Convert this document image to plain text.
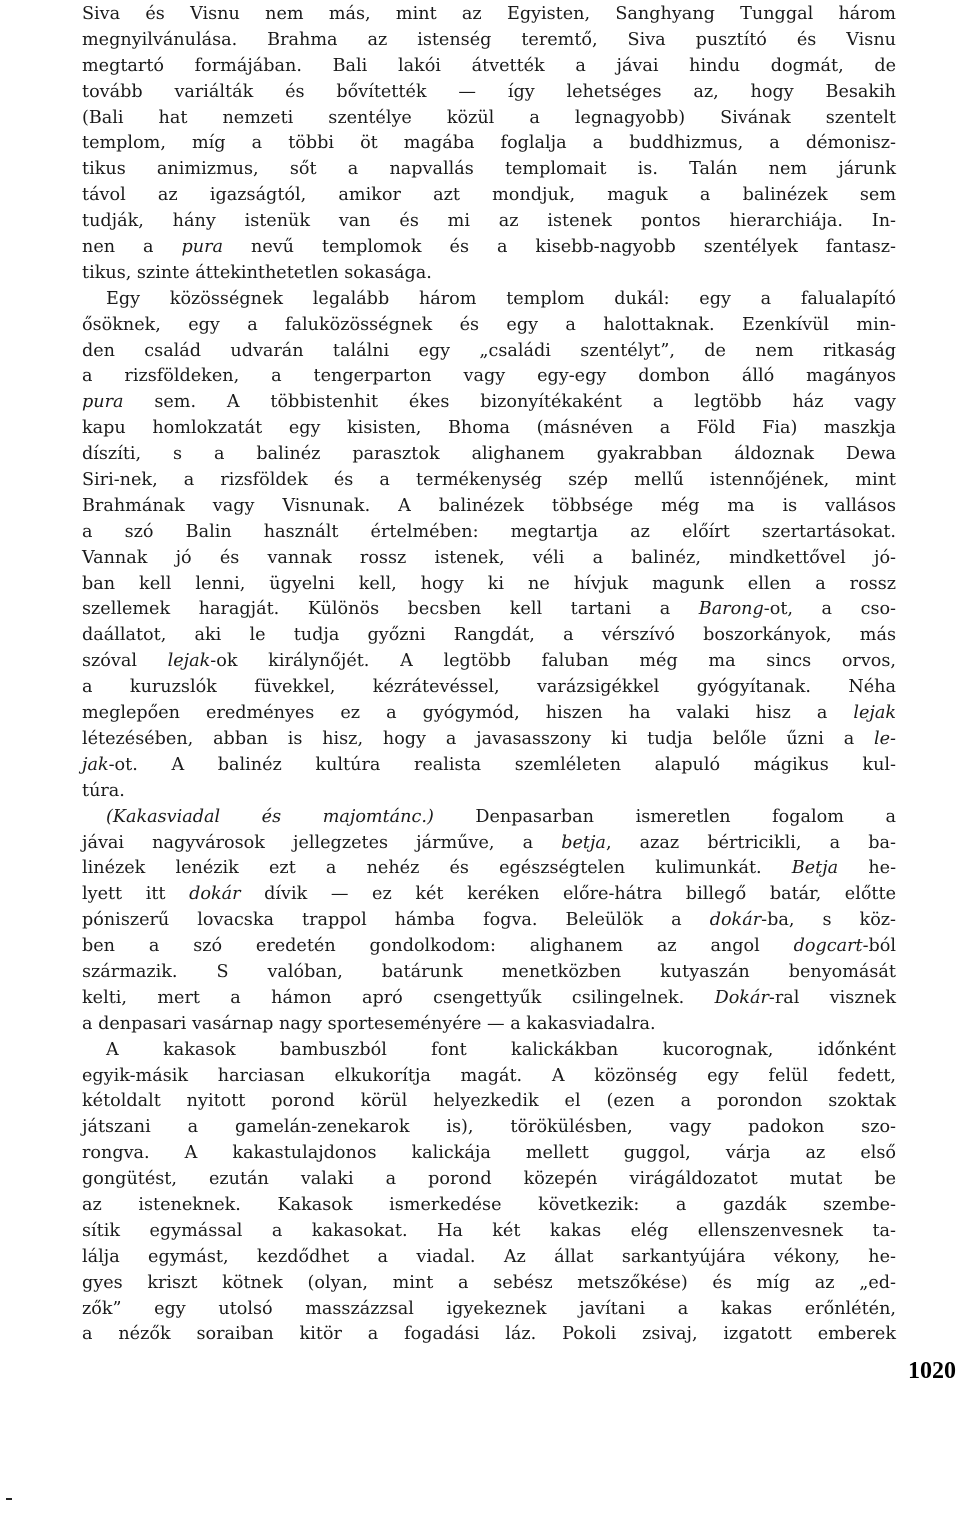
Siva és Visnu nem más, mint az Egyisten, Sanghyang Tunggal három
megnyilvánulása. Brahma az istenség teremtő, Siva pusztító és Visnu
megtartó formájában. Bali lakói átvették a jávai hindu dogmát, de
tovább variálták és bővítették — így lehetséges az, hogy Besakih
(Bali hat nemzeti szentélye közül a legnagyobb) Sivának szentelt
templom, míg a többi öt magába foglalja a buddhizmus, a démonisz-
tikus animizmus, sőt a napvallás templomait is. Talán nem járunk
távol az igazságtól, amikor azt mondjuk, maguk a balinézek sem
tudják, hány istenük van és mi az istenek pontos hierarchiája. In-
nen a pura nevű templomok és a kisebb-nagyobb szentélyek fantasz-
tikus, szinte áttekinthetetlen sokasága.
Egy közösségnek legalább három templom dukál: egy a falualapító
ősöknek, egy a faluközösségnek és egy a halottaknak. Ezenkívül min-
den család udvarán találni egy „családi szentélyt”, de nem ritkaság
a rizsföldeken, a tengerparton vagy egy-egy dombon álló magányos
pura sem. A többistenhit ékes bizonyítékaként a legtöbb ház vagy
kapu homlokzatát egy kisisten, Bhoma (másnéven a Föld Fia) maszkja
díszíti, s a balinéz parasztok alighanem gyakrabban áldoznak Dewa
Siri-nek, a rizsföldek és a termékenység szép mellű istennőjének, mint
Brahmának vagy Visnunak. A balinézek többsége még ma is vallásos
a szó Balin használt értelmében: megtartja az előírt szertartásokat.
Vannak jó és vannak rossz istenek, véli a balinéz, mindkettővel jó-
ban kell lenni, ügyelni kell, hogy ki ne hívjuk magunk ellen a rossz
szellemek haragját. Különös becsben kell tartani a Barong-ot, a cso-
daállatot, aki le tudja győzni Rangdát, a vérszívó boszorkányok, más
szóval lejak-ok királynőjét. A legtöbb faluban még ma sincs orvos,
a kuruzslók füvekkel, kézrátevéssel, varázsigékkel gyógyítanak. Néha
meglepően eredményes ez a gyógymód, hiszen ha valaki hisz a lejak
létezésében, abban is hisz, hogy a javasasszony ki tudja belőle űzni a le-
jak-ot. A balinéz kultúra realista szemléleten alapuló mágikus kul-
túra.
(Kakasviadal és majomtánc.) Denpasarban ismeretlen fogalom a
jávai nagyvárosok jellegzetes járműve, a betja, azaz bértricikli, a ba-
linézek lenézik ezt a nehéz és egészségtelen kulimunkát. Betja he-
lyett itt dokár dívik — ez két keréken előre-hátra billegő batár, előtte
póniszerű lovacska trappol hámba fogva. Beleülök a dokár-ba, s köz-
ben a szó eredetén gondolkodom: alighanem az angol dogcart-ból
származik. S valóban, batárunk menetközben kutyaszán benyomását
kelti, mert a hámon apró csengettyűk csilingelnek. Dokár-ral visznek
a denpasari vasárnap nagy sporteseményére — a kakasviadalra.
A kakasok bambuszból font kalickákban kucorognak, időnként
egyik-másik harciasan elkukorítja magát. A közönség egy felül fedett,
kétoldalt nyitott porond körül helyezkedik el (ezen a porondon szoktak
játszani a gamelán-zenekarok is), törökülésben, vagy padokon szo-
rongva. A kakastulajdonos kalickája mellett guggol, várja az első
gongütést, ezután valaki a porond közepén virágáldozatot mutat be
az isteneknek. Kakasok ismerkedése következik: a gazdák szembe-
sítik egymással a kakasokat. Ha két kakas elég ellenszenvesnek ta-
lálja egymást, kezdődhet a viadal. Az állat sarkantyújára vékony, he-
gyes kriszt kötnek (olyan, mint a sebész metszőkése) és míg az „ed-
zők” egy utolsó masszázzsal igyekeznek javítani a kakas erőnlétén,
a nézők soraiban kitör a fogadási láz. Pokoli zsivaj, izgatott emberek
1020
